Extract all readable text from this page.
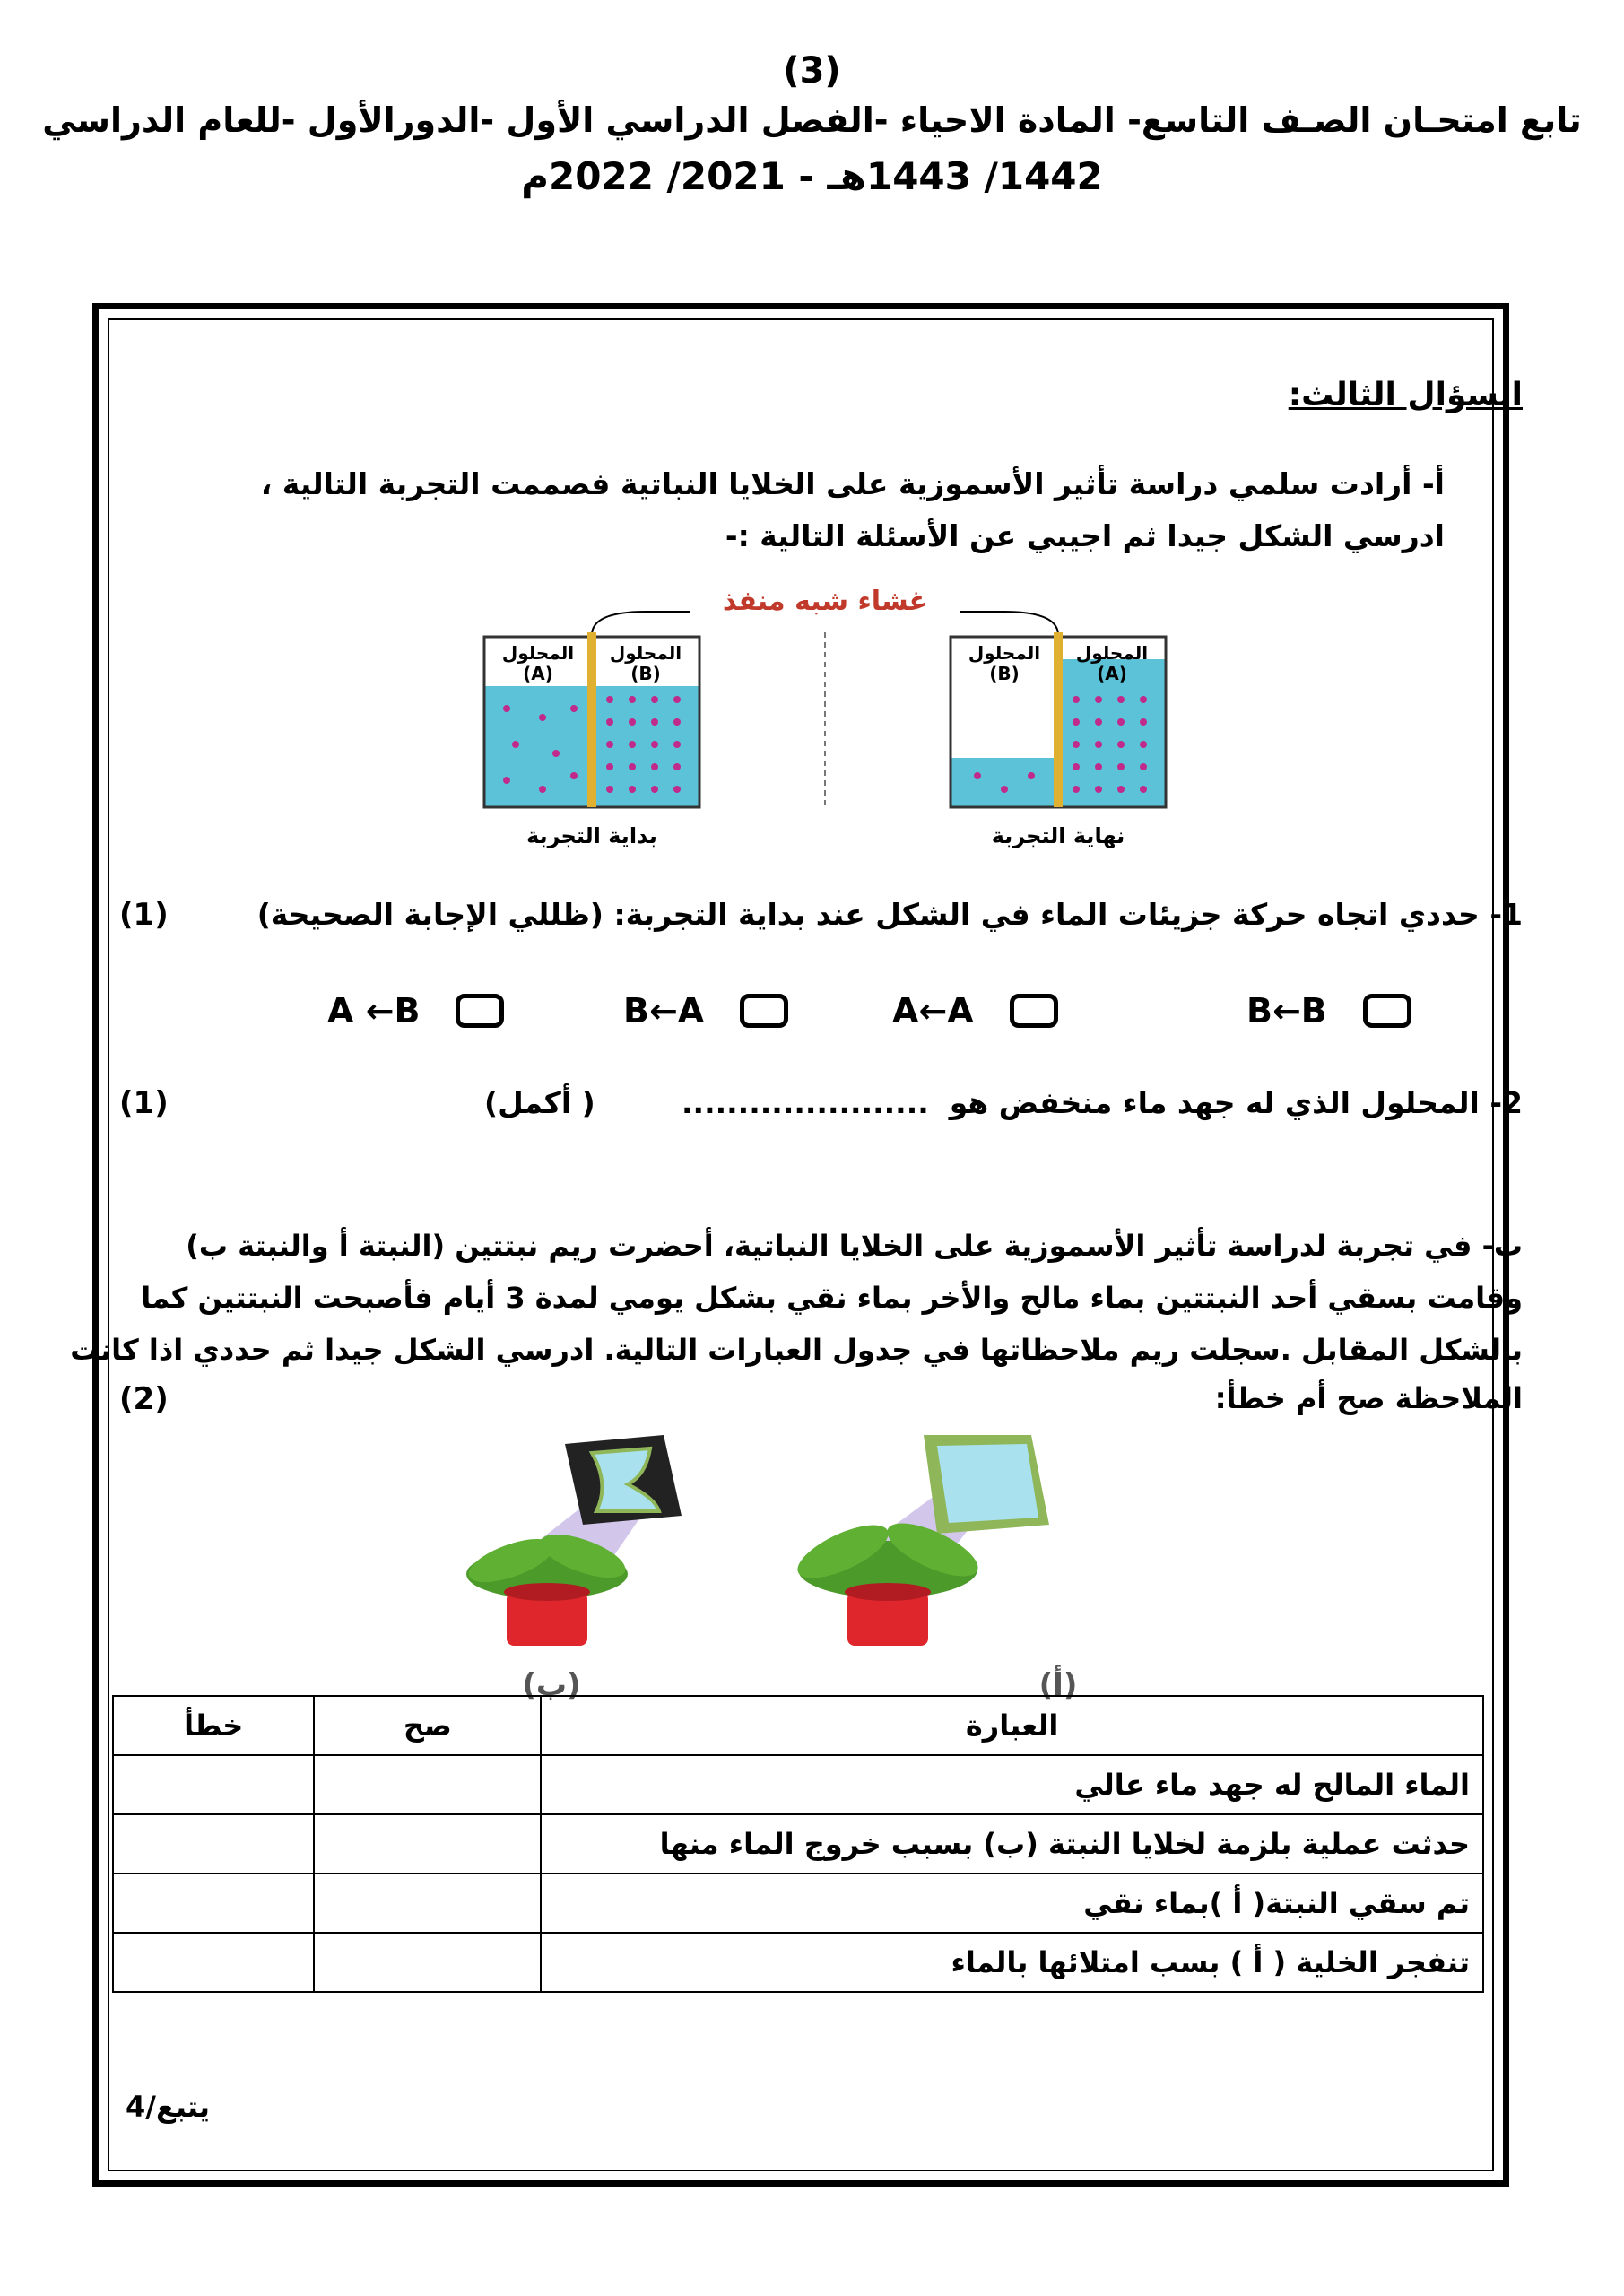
(3)
تابع امتحـان الصـف التاسع- المادة الاحياء -الفصل الدراسي الأول -الدورالأول -للعام الدراسي
1442/ 1443هـ - 2021/ 2022م
السؤال الثالث:
أ- أرادت سلمي دراسة تأثير الأسموزية على الخلايا النباتية فصممت التجربة التالية ،
ادرسي الشكل جيدا ثم اجيبي عن الأسئلة التالية :-
غشاء شبه منفذ
المحلول
(A)
المحلول
(B)
نهاية التجربة
المحلول
(A)
المحلول
(B)
بداية التجربة
1- حددي اتجاه حركة جزيئات الماء في الشكل عند بداية التجربة: (ظللي الإجابة الصحيحة)
(1)
B←B
A←A
B←A
A ←B
2- المحلول الذي له جهد ماء منخفض هو
......................
( أكمل)
(1)
ب- في تجربة لدراسة تأثير الأسموزية على الخلايا النباتية، أحضرت ريم نبتتين (النبتة أ والنبتة ب)
وقامت بسقي أحد النبتتين بماء مالح والأخر بماء نقي بشكل يومي لمدة 3 أيام فأصبحت النبتتين كما
بالشكل المقابل .سجلت ريم ملاحظاتها في جدول العبارات التالية. ادرسي الشكل جيدا ثم حددي اذا كانت
الملاحظة صح أم خطأ:
(2)
(ب)	(أ)
العبارة	صح	خطأ
الماء المالح له جهد ماء عالي		
حدثت عملية بلزمة لخلايا النبتة (ب) بسبب خروج الماء منها		
تم سقي النبتة( أ )بماء نقي		
تنفجر الخلية ( أ ) بسب امتلائها بالماء		
يتبع/4
